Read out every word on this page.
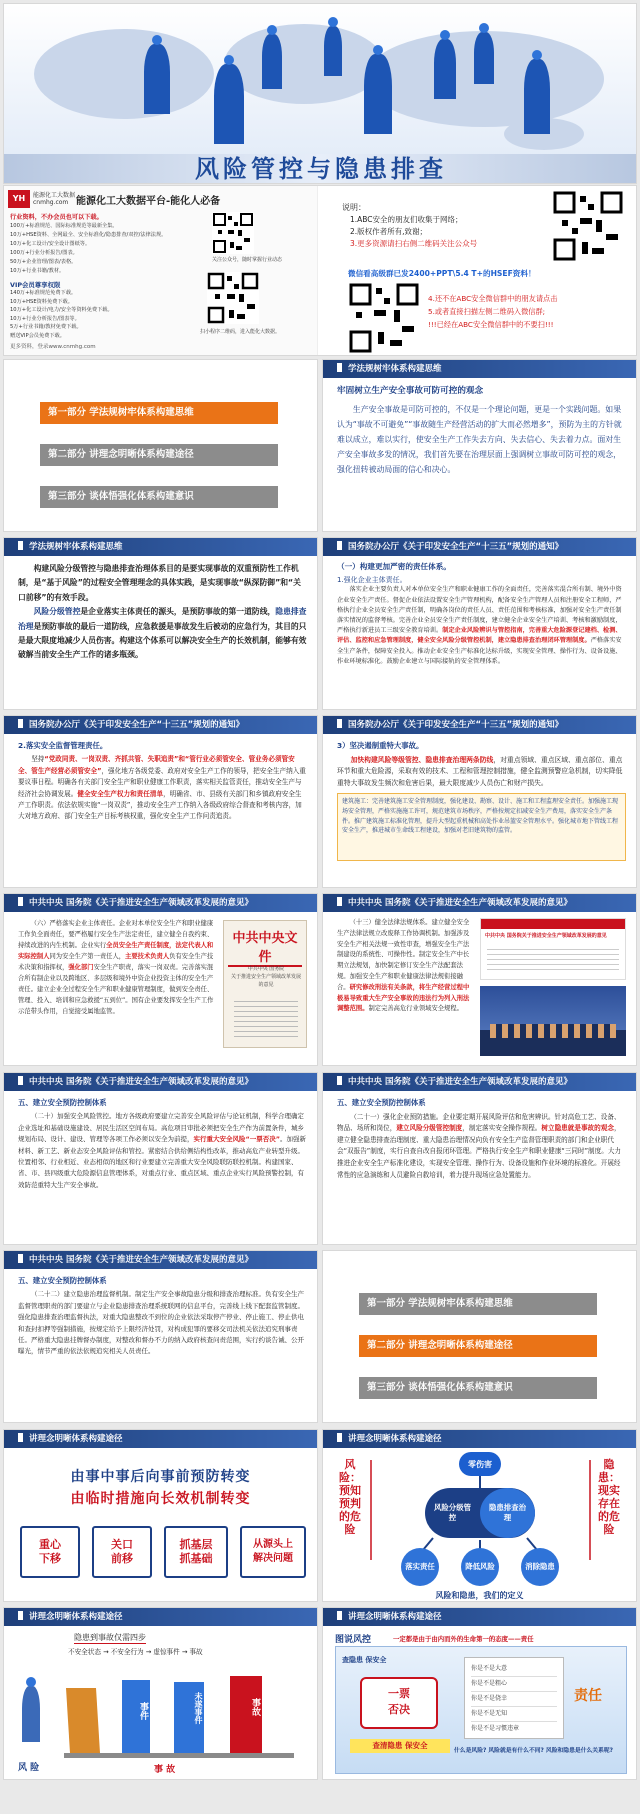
风险管控与隐患排查
YH	能源化工大数据
cnmhg.com 能源化工大数据平台-能化人必备
行业资料，不办会员也可以下载。
100万+标准规范、国际标准规范等最新全集。
10万+HSE资料、全网最全、安全标准化/隐患排查/双控/法律法规。
10万+化工设计/安全设计图纸等。
100万+行业分析报告/图表。
50万+企业管理/图表/表格。
10万+行业书籍/教材。
VIP会员尊享权限
140万+标准规范免费下载。
10万+HSE资料免费下载。
10万+化工设计/电力/安全等资料免费下载。
10万+行业分析报告/图表等。
5万+行业书籍/教材免费下载。
赠送VIP会员免费下载。
关注公众号，随时掌握行业动态
扫小程序二维码，进入能化大数据。
更多资料，登录www.cnmhg.com
说明：
1.ABC安全的朋友们收集于网络；
2.版权作者所有,致谢；
3.更多资源请扫右侧二维码关注公众号
微信看高级群已发2400+PPT\5.4 T+的HSEF资料！
4.还不在ABC安全微信群中的朋友请点击
5.或者直接扫描左侧二维码入微信群;
!!!已经在ABC安全微信群中的不要扫!!!
第一部分 学法规树牢体系构建思维
第二部分 讲理念明晰体系构建途径
第三部分 谈体悟强化体系构建意识
学法规树牢体系构建思维
牢固树立生产安全事故可防可控的观念

生产安全事故是可防可控的，不仅是一个理论问题，更是一个实践问题。如果认为“事故不可避免”“事故随生产经营活动的扩大而必然增多”，预防为主的方针就难以成立，难以实行，使安全生产工作失去方向、失去信心、失去着力点。面对生产安全事故多发的情况，我们首先要在治理层面上强调树立事故可防可控的观念，强化扭转被动局面的信心和决心。

学法规树牢体系构建思维

构建风险分级管控与隐患排查治理体系目的是要实现事故的双重预防性工作机制，是“基于风险”的过程安全管理理念的具体实践，是实现事故“纵深防御”和“关口前移”的有效手段。

风险分级管控是企业落实主体责任的源头，是预防事故的第一道防线，隐患排查治理是预防事故的最后一道防线，应急救援是事故发生后被动的应急行为，其目的只是最大限度地减少人员伤害。构建这个体系可以解决安全生产的长效机制，能够有效破解当前安全生产工作的诸多瓶颈。

国务院办公厅《关于印发安全生产“十三五”规划的通知》
（一）构建更加严密的责任体系。
1.强化企业主体责任。

落实企业主要负责人对本单位安全生产和职业健康工作的全面责任，完善落实混合所有制、境外中资企业安全生产责任。督促企业依法设置安全生产管理机构，配备安全生产管理人员和注册安全工程师，严格执行企业全员安全生产责任制，明确各岗位的责任人员、责任范围和考核标准，加强对安全生产责任制落实情况的监督考核。完善企业全员安全生产责任制度，建立健全企业安全生产培训、考核和激励制度，严格执行新进员工三级安全教育培训。制定企业风险辨识与管控指南，完善重大危险源登记建档、检测、评估、监控和应急管理制度，健全安全风险分级管控机制，建立隐患排查治理闭环管理制度。严格落实安全生产条件，保障安全投入。推动企业安全生产标准化达标升级，实现安全管理、操作行为、设备设施、作业环境标准化。鼓励企业建立与国际接轨的安全管理体系。

国务院办公厅《关于印发安全生产“十三五”规划的通知》
2.落实安全监督管理责任。

坚持“党政同责、一岗双责、齐抓共管、失职追责”和“管行业必须管安全、管业务必须管安全、管生产经营必须管安全”，强化地方各级党委、政府对安全生产工作的领导，把安全生产纳入重要议事日程。明确各有关部门安全生产和职业健康工作职责，落实相关监管责任，推动安全生产与经济社会协调发展。健全安全生产权力和责任清单，明确省、市、县级有关部门和乡镇政府安全生产工作职责。依法依规实施“一岗双责”，推动安全生产工作纳入各级政府综合督查和考核内容，加大对地方政府、部门安全生产目标考核权重，强化安全生产工作问责追责。

国务院办公厅《关于印发安全生产“十三五”规划的通知》
3）坚决遏制重特大事故。

加快构建风险等级管控、隐患排查治理两条防线，对重点领域、重点区域、重点部位、重点环节和重大危险源，采取有效的技术、工程和管理控制措施，健全监测预警应急机制，切实降低重特大事故发生频次和危害后果，最大限度减少人员伤亡和财产损失。

建筑施工：完善建筑施工安全管理制度，强化建设、勘察、设计、施工和工程监理安全责任。加强施工现场安全管理，严格实施施工许可，规范建筑市场秩序，严格按规定扣减安全生产费用，落实安全生产条件。推广建筑施工标准化管理，提升大型起重机械和高处作业吊篮安全管理水平。强化城市地下管线工程安全生产，推进城市生命线工程建设，加强对老旧建筑物的监管。
中共中央 国务院《关于推进安全生产领域改革发展的意见》

（六）严格落实企业主体责任。企业对本单位安全生产和职业健康工作负全面责任，要严格履行安全生产法定责任，建立健全自我约束、持续改进的内生机制。企业实行全员安全生产责任制度，法定代表人和实际控制人同为安全生产第一责任人，主要技术负责人负有安全生产技术决策和指挥权，强化部门安全生产职责，落实一岗双责。完善落实混合所有制企业以及跨地区、多层级和境外中资企业投资主体的安全生产责任。建立企业全过程安全生产和职业健康管理制度，做到安全责任、管理、投入、培训和应急救援“五到位”。国有企业要发挥安全生产工作示范带头作用，自觉接受属地监管。

中共中央文件
中共中央 国务院
关于推进安全生产领域改革发展的意见
中共中央 国务院《关于推进安全生产领域改革发展的意见》

（十三）健全法律法规体系。建立健全安全生产法律法规立改废释工作协调机制。加强涉及安全生产相关法规一致性审查，增强安全生产法制建设的系统性、可操作性。制定安全生产中长期立法规划，加快制定修订安全生产法配套法规。加强安全生产和职业健康法律法规衔接融合。研究修改刑法有关条款，将生产经营过程中极易导致重大生产安全事故的违法行为列入刑法调整范围。制定完善高危行业领域安全规程。

中共中央 国务院关于推进安全生产领域改革发展的意见
中共中央 国务院《关于推进安全生产领域改革发展的意见》
五、建立安全预防控制体系

（二十）加强安全风险管控。地方各级政府要建立完善安全风险评估与论证机制，科学合理确定企业选址和基础设施建设、居民生活区空间布局。高危项目审批必须把安全生产作为前置条件，城乡规划布局、设计、建设、管理等各项工作必须以安全为前提，实行重大安全风险“一票否决”。加强新材料、新工艺、新业态安全风险评估和管控。紧密结合供给侧结构性改革，推动高危产业转型升级。位置相邻、行业相近、业态相似的地区和行业要建立完善重大安全风险联防联控机制。构建国家、省、市、县四级重大危险源信息管理体系，对重点行业、重点区域、重点企业实行风险预警控制，有效防范重特大生产安全事故。

中共中央 国务院《关于推进安全生产领域改革发展的意见》
五、建立安全预防控制体系

（二十一）强化企业预防措施。企业要定期开展风险评估和危害辨识。针对高危工艺、设备、物品、场所和岗位，建立风险分级管控制度，制定落实安全操作规程。树立隐患就是事故的观念，建立健全隐患排查治理制度、重大隐患治理情况向负有安全生产监督管理职责的部门和企业职代会“双报告”制度，实行自查自改自报闭环管理。严格执行安全生产和职业健康“三同时”制度。大力推进企业安全生产标准化建设，实现安全管理、操作行为、设备设施和作业环境的标准化。开展经常性的应急演练和人员避险自救培训，着力提升现场应急处置能力。

中共中央 国务院《关于推进安全生产领域改革发展的意见》
五、建立安全预防控制体系

（二十二）建立隐患治理监督机制。制定生产安全事故隐患分级和排查治理标准。负有安全生产监督管理职责的部门要建立与企业隐患排查治理系统联网的信息平台，完善线上线下配套监管制度。强化隐患排查治理监督执法，对重大隐患整改不到位的企业依法采取停产停业、停止施工、停止供电和查封扣押等强制措施，按规定给予上限经济处罚，对构成犯罪的要移交司法机关依法追究刑事责任。严格重大隐患挂牌督办制度，对整改和督办不力的纳入政府核查问责范围，实行约谈告诫、公开曝光，情节严重的依法依规追究相关人员责任。

第一部分 学法规树牢体系构建思维
第二部分 讲理念明晰体系构建途径
第三部分 谈体悟强化体系构建意识
讲理念明晰体系构建途径
由事中事后向事前预防转变
由临时措施向长效机制转变
重心
下移
关口
前移
抓基层
抓基础
从源头上
解决问题
讲理念明晰体系构建途径
风险：预知预判的危险
隐患：现实存在的危险
零伤害
风险分级管控
隐患排查治理
落实责任	降低风险	消除隐患
风险和隐患，我们的定义
讲理念明晰体系构建途径
隐患到事故仅需四步
不安全状态 → 不安全行为 → 虚惊事件 → 事故
事件	未遂事件	事故
风 险	事 故
讲理念明晰体系构建途径
图说风控	一定都是由于由内而外的生命第一的态度——责任
查隐患 保安全
一票
否决
查清隐患 保安全
你是不是大意
你是不是粗心
你是不是侥幸
你是不是无知
你是不是习惯违章
责任
什么是风险? 风险就是有什么不同? 风险和隐患是什么关系呢?
